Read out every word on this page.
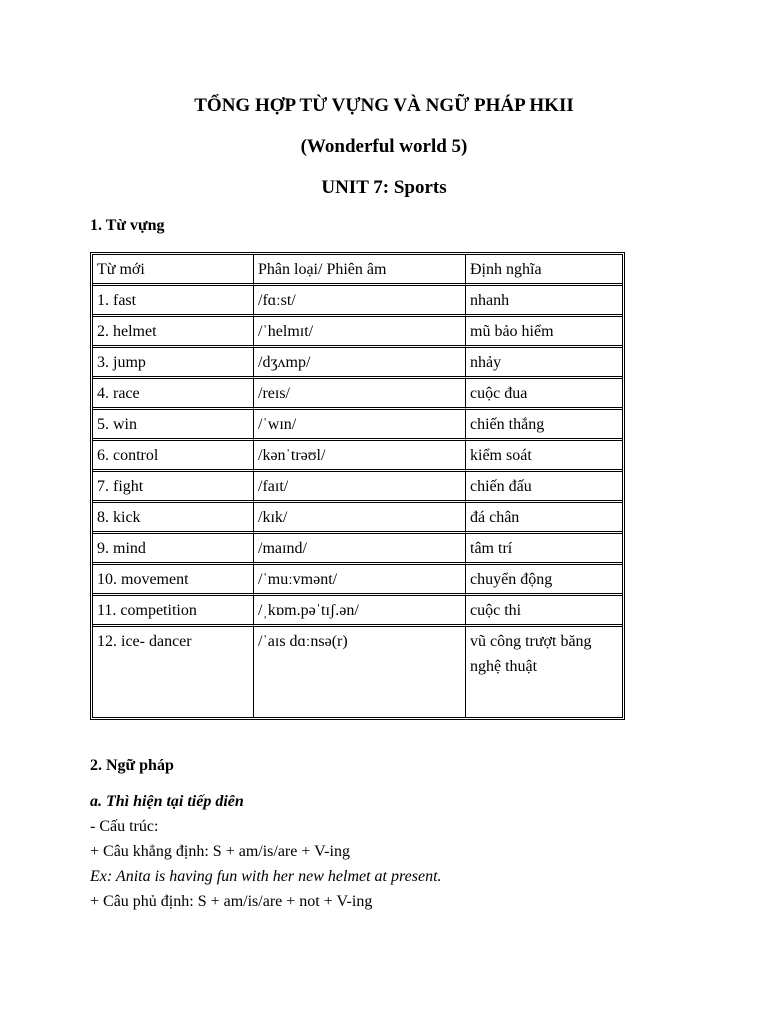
TỔNG HỢP TỪ VỰNG VÀ NGỮ PHÁP HKII
(Wonderful world 5)
UNIT 7: Sports
1. Từ vựng
Từ mới	Phân loại/ Phiên âm	Định nghĩa
1. fast	/fɑːst/	nhanh
2. helmet	/ˈhelmɪt/	mũ bảo hiểm
3. jump	/dʒʌmp/	nhảy
4. race	/reɪs/	cuộc đua
5. win	/ˈwɪn/	chiến thắng
6. control	/kənˈtrəʊl/	kiểm soát
7. fight	/faɪt/	chiến đấu
8. kick	/kɪk/	đá chân
9. mind	/maɪnd/	tâm trí
10. movement	/ˈmuːvmənt/	chuyển động
11. competition	/ˌkɒm.pəˈtɪʃ.ən/	cuộc thi
12. ice- dancer	/ˈaɪs dɑːnsə(r)	vũ công trượt băng nghệ thuật
2. Ngữ pháp
a. Thì hiện tại tiếp diên
- Cấu trúc:
+ Câu khẳng định: S + am/is/are + V-ing
Ex: Anita is having fun with her new helmet at present.
+ Câu phủ định: S + am/is/are + not + V-ing
